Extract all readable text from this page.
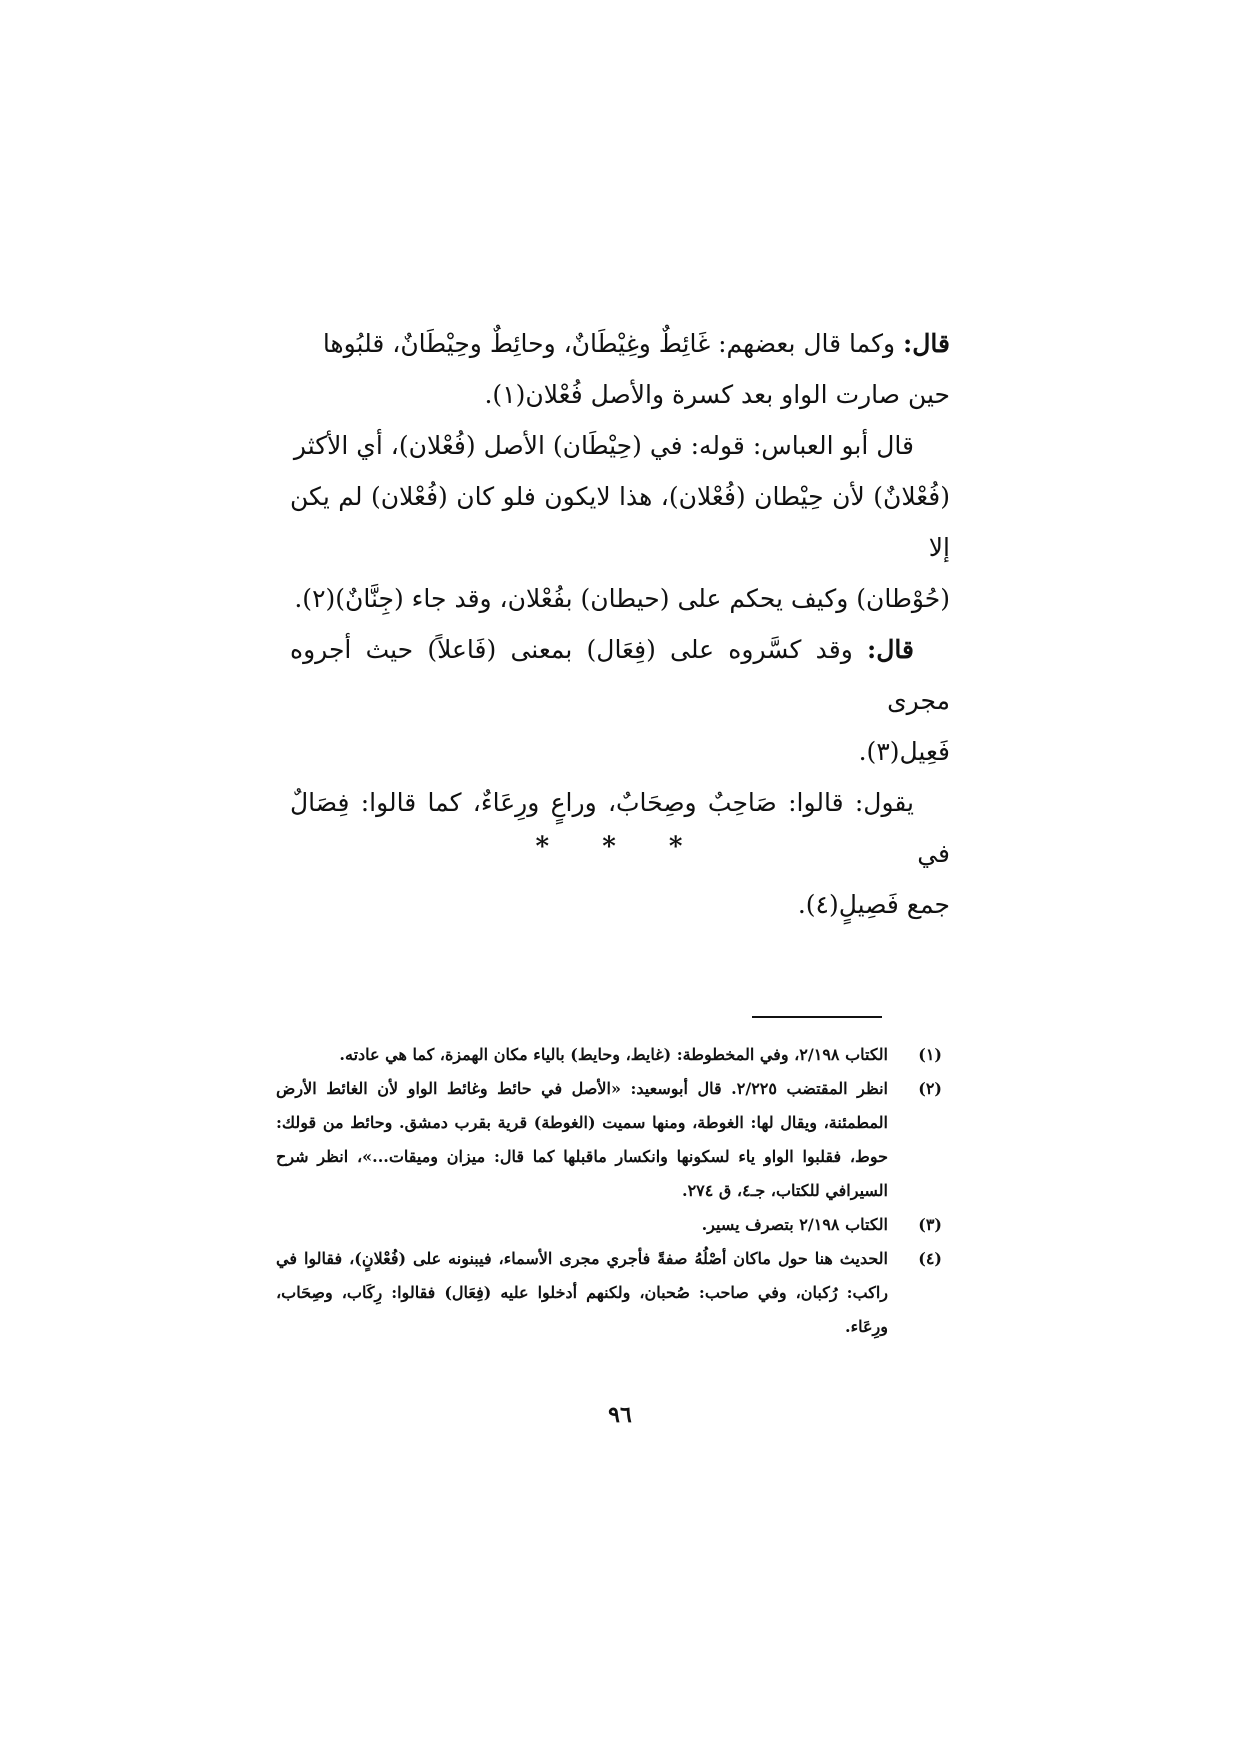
قال: وكما قال بعضهم: غَائِطٌ وغِيْطَانٌ، وحائِطٌ وحِيْطَانٌ، قلبُوها
حين صارت الواو بعد كسرة والأصل فُعْلان(١).

قال أبو العباس: قوله: في (حِيْطَان) الأصل (فُعْلان)، أي الأكثر
(فُعْلانٌ) لأن حِيْطان (فُعْلان)، هذا لايكون فلو كان (فُعْلان) لم يكن إلا
(حُوْطان) وكيف يحكم على (حيطان) بفُعْلان، وقد جاء (جِنَّانٌ)(٢).

قال: وقد كسَّروه على (فِعَال) بمعنى (فَاعلاً) حيث أجروه مجرى
فَعِيل(٣).

يقول: قالوا: صَاحِبٌ وصِحَابٌ، وراعٍ ورِعَاءٌ، كما قالوا: فِصَالٌ في
جمع فَصِيلٍ(٤).

* * *
(١)
الكتاب ٢/١٩٨، وفي المخطوطة: (غايط، وحايط) بالياء مكان الهمزة، كما هي عادته.
(٢)
انظر المقتضب ٢/٢٢٥. قال أبوسعيد: «الأصل في حائط وغائط الواو لأن الغائط الأرض المطمئنة، ويقال لها: الغوطة، ومنها سميت (الغوطة) قرية بقرب دمشق. وحائط من قولك: حوط، فقلبوا الواو ياء لسكونها وانكسار ماقبلها كما قال: ميزان وميقات...»، انظر شرح السيرافي للكتاب، جـ٤، ق ٢٧٤.
(٣)
الكتاب ٢/١٩٨ بتصرف يسير.
(٤)
الحديث هنا حول ماكان أصْلُهُ صفةً فأجري مجرى الأسماء، فيبنونه على (فُعْلانٍ)، فقالوا في راكب: رُكبان، وفي صاحب: صُحبان، ولكنهم أدخلوا عليه (فِعَال) فقالوا: رِكَاب، وصِحَاب، ورِعَاء.
٩٦
